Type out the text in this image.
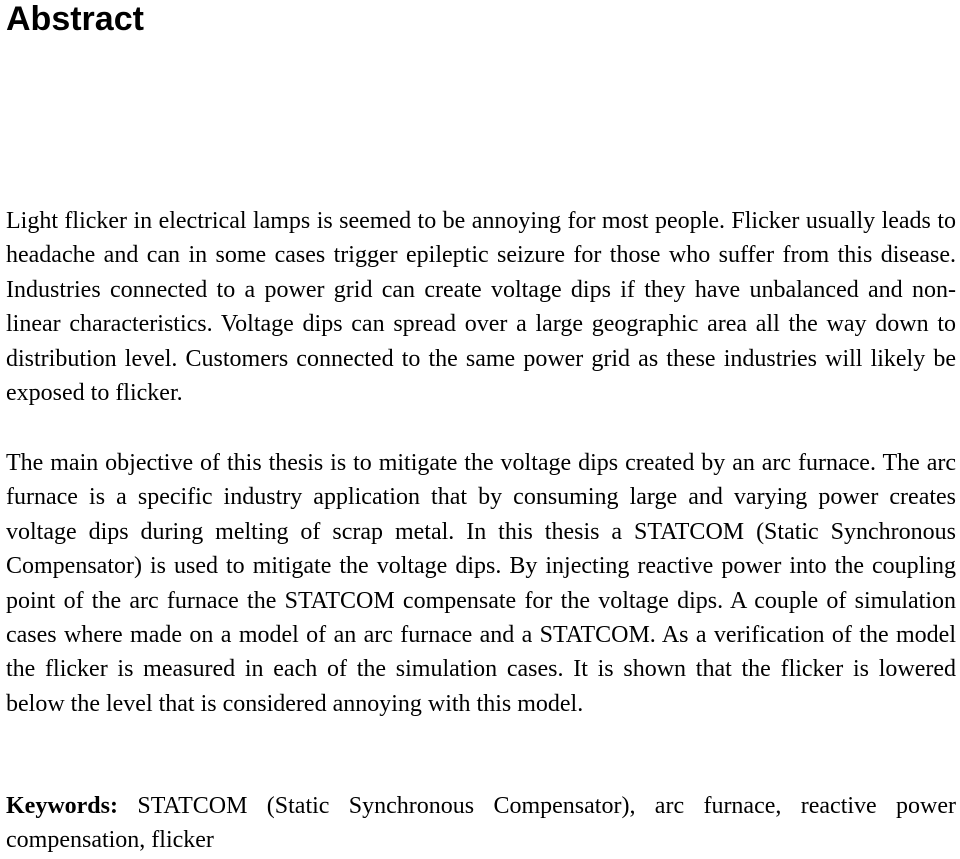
Abstract

Light flicker in electrical lamps is seemed to be annoying for most people. Flicker usually leads to headache and can in some cases trigger epileptic seizure for those who suffer from this disease. Industries connected to a power grid can create voltage dips if they have unbalanced and non-linear characteristics. Voltage dips can spread over a large geographic area all the way down to distribution level. Customers connected to the same power grid as these industries will likely be exposed to flicker.

The main objective of this thesis is to mitigate the voltage dips created by an arc furnace. The arc furnace is a specific industry application that by consuming large and varying power creates voltage dips during melting of scrap metal. In this thesis a STATCOM (Static Synchronous Compensator) is used to mitigate the voltage dips. By injecting reactive power into the coupling point of the arc furnace the STATCOM compensate for the voltage dips. A couple of simulation cases where made on a model of an arc furnace and a STATCOM. As a verification of the model the flicker is measured in each of the simulation cases. It is shown that the flicker is lowered below the level that is considered annoying with this model.

Keywords: STATCOM (Static Synchronous Compensator), arc furnace, reactive power compensation, flicker
